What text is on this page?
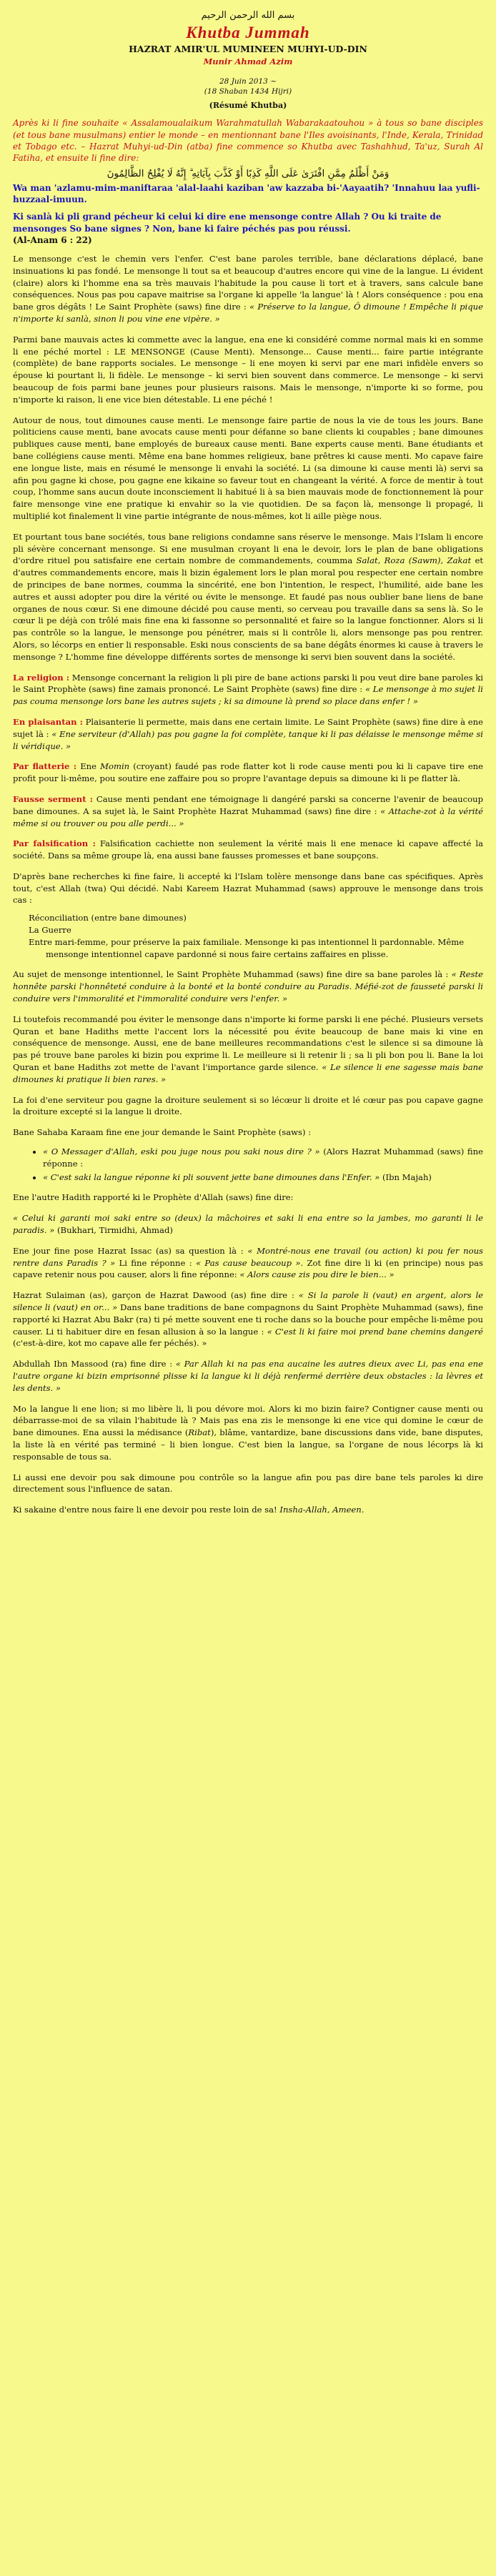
بسم الله الرحمن الرحيم
Khutba Jummah
HAZRAT AMIR'UL MUMINEEN MUHYI-UD-DIN
Munir Ahmad Azim
28 Juin 2013 ~
(18 Shaban 1434 Hijri)
(Résumé Khutba)

Après ki li fine souhaite « Assalamoualaikum Warahmatullah Wabarakaatouhou » à tous so bane disciples (et tous bane musulmans) entier le monde – en mentionnant bane l'Iles avoisinants, l'Inde, Kerala, Trinidad et Tobago etc. – Hazrat Muhyi-ud-Din (atba) fine commence so Khutba avec Tashahhud, Ta'uz, Surah Al Fatiha, et ensuite li fine dire:

وَمَنْ أَظْلَمُ مِمَّنِ افْتَرَىٰ عَلَى اللَّهِ كَذِبًا أَوْ كَذَّبَ بِآيَاتِهِ ۗ إِنَّهُ لَا يُفْلِحُ الظَّالِمُونَ

Wa man 'azlamu-mim-maniftaraa 'alal-laahi kaziban 'aw kazzaba bi-'Aayaatih? 'Innahuu laa yufli-huzzaal-imuun.

Ki sanlà ki pli grand pécheur ki celui ki dire ene mensonge contre Allah ? Ou ki traite de mensonges So bane signes ? Non, bane ki faire péchés pas pou réussi.
(Al-Anam 6 : 22)

Le mensonge c'est le chemin vers l'enfer. C'est bane paroles terrible, bane déclarations déplacé, bane insinuations ki pas fondé. Le mensonge li tout sa et beaucoup d'autres encore qui vine de la langue. Li évident (claire) alors ki l'homme ena sa très mauvais l'habitude la pou cause li tort et à travers, sans calcule bane conséquences. Nous pas pou capave maitrise sa l'organe ki appelle 'la langue' là ! Alors conséquence : pou ena bane gros dégâts ! Le Saint Prophète (saws) fine dire : « Préserve to la langue, Ô dimoune ! Empêche li pique n'importe ki sanlà, sinon li pou vine ene vipère. »

Parmi bane mauvais actes ki commette avec la langue, ena ene ki considéré comme normal mais ki en somme li ene péché mortel : LE MENSONGE (Cause Menti). Mensonge... Cause menti... faire partie intégrante (complète) de bane rapports sociales. Le mensonge – li ene moyen ki servi par ene mari infidèle envers so épouse ki pourtant li, li fidèle. Le mensonge – ki servi bien souvent dans commerce. Le mensonge – ki servi beaucoup de fois parmi bane jeunes pour plusieurs raisons. Mais le mensonge, n'importe ki so forme, pou n'importe ki raison, li ene vice bien détestable. Li ene péché !

Autour de nous, tout dimounes cause menti. Le mensonge faire partie de nous la vie de tous les jours. Bane politiciens cause menti, bane avocats cause menti pour défanne so bane clients ki coupables ; bane dimounes publiques cause menti, bane employés de bureaux cause menti. Bane experts cause menti. Bane étudiants et bane collégiens cause menti. Même ena bane hommes religieux, bane prêtres ki cause menti. Mo capave faire ene longue liste, mais en résumé le mensonge li envahi la société. Li (sa dimoune ki cause menti là) servi sa afin pou gagne ki chose, pou gagne ene kikaine so faveur tout en changeant la vérité. A force de mentir à tout coup, l'homme sans aucun doute inconsciement li habitué li à sa bien mauvais mode de fonctionnement là pour faire mensonge vine ene pratique ki envahir so la vie quotidien. De sa façon là, mensonge li propagé, li multiplié kot finalement li vine partie intégrante de nous-mêmes, kot li aille piège nous.

Et pourtant tous bane sociétés, tous bane religions condamne sans réserve le mensonge. Mais l'Islam li encore pli sévère concernant mensonge. Si ene musulman croyant li ena le devoir, lors le plan de bane obligations d'ordre rituel pou satisfaire ene certain nombre de commandements, coumma Salat, Roza (Sawm), Zakat et d'autres commandements encore, mais li bizin également lors le plan moral pou respecter ene certain nombre de principes de bane normes, coumma la sincérité, ene bon l'intention, le respect, l'humilité, aide bane les autres et aussi adopter pou dire la vérité ou évite le mensonge. Et faudé pas nous oublier bane liens de bane organes de nous cœur. Si ene dimoune décidé pou cause menti, so cerveau pou travaille dans sa sens là. So le cœur li pe déjà con trôlé mais fine ena ki fassonne so personnalité et faire so la langue fonctionner. Alors si li pas contrôle so la langue, le mensonge pou pénétrer, mais si li contrôle li, alors mensonge pas pou rentrer. Alors, so lécorps en entier li responsable. Eski nous conscients de sa bane dégâts énormes ki cause à travers le mensonge ? L'homme fine développe différents sortes de mensonge ki servi bien souvent dans la société.

La religion : Mensonge concernant la religion li pli pire de bane actions parski li pou veut dire bane paroles ki le Saint Prophète (saws) fine zamais prononcé. Le Saint Prophète (saws) fine dire : « Le mensonge à mo sujet li pas couma mensonge lors bane les autres sujets ; ki sa dimoune là prend so place dans enfer ! »

En plaisantan : Plaisanterie li permette, mais dans ene certain limite. Le Saint Prophète (saws) fine dire à ene sujet là : « Ene serviteur (d'Allah) pas pou gagne la foi complète, tanque ki li pas délaisse le mensonge même si li véridique. »

Par flatterie : Ene Momin (croyant) faudé pas rode flatter kot li rode cause menti pou ki li capave tire ene profit pour li-même, pou soutire ene zaffaire pou so propre l'avantage depuis sa dimoune ki li pe flatter là.

Fausse serment : Cause menti pendant ene témoignage li dangéré parski sa concerne l'avenir de beaucoup bane dimounes. A sa sujet là, le Saint Prophète Hazrat Muhammad (saws) fine dire : « Attache-zot à la vérité même si ou trouver ou pou alle perdi... »

Par falsification : Falsification cachiette non seulement la vérité mais li ene menace ki capave affecté la société. Dans sa même groupe là, ena aussi bane fausses promesses et bane soupçons.

D'après bane recherches ki fine faire, li accepté ki l'Islam tolère mensonge dans bane cas spécifiques. Après tout, c'est Allah (twa) Qui décidé. Nabi Kareem Hazrat Muhammad (saws) approuve le mensonge dans trois cas :

Réconciliation (entre bane dimounes)
La Guerre
Entre mari-femme, pour préserve la paix familiale. Mensonge ki pas intentionnel li pardonnable. Même mensonge intentionnel capave pardonné si nous faire certains zaffaires en plisse.

Au sujet de mensonge intentionnel, le Saint Prophète Muhammad (saws) fine dire sa bane paroles là : « Reste honnête parski l'honnêteté conduire à la bonté et la bonté conduire au Paradis. Méfié-zot de fausseté parski li conduire vers l'immoralité et l'immoralité conduire vers l'enfer. »

Li toutefois recommandé pou éviter le mensonge dans n'importe ki forme parski li ene péché. Plusieurs versets Quran et bane Hadiths mette l'accent lors la nécessité pou évite beaucoup de bane mais ki vine en conséquence de mensonge. Aussi, ene de bane meilleures recommandations c'est le silence si sa dimoune là pas pé trouve bane paroles ki bizin pou exprime li. Le meilleure si li retenir li ; sa li pli bon pou li. Bane la loi Quran et bane Hadiths zot mette de l'avant l'importance garde silence. « Le silence li ene sagesse mais bane dimounes ki pratique li bien rares. »

La foi d'ene serviteur pou gagne la droiture seulement si so lécœur li droite et lé cœur pas pou capave gagne la droiture excepté si la langue li droite.

Bane Sahaba Karaam fine ene jour demande le Saint Prophète (saws) :

• « O Messager d'Allah, eski pou juge nous pou saki nous dire ? » (Alors Hazrat Muhammad (saws) fine réponne :
• « C'est saki la langue réponne ki pli souvent jette bane dimounes dans l'Enfer. » (Ibn Majah)

Ene l'autre Hadith rapporté ki le Prophète d'Allah (saws) fine dire:

« Celui ki garanti moi saki entre so (deux) la mâchoires et saki li ena entre so la jambes, mo garanti li le paradis. » (Bukhari, Tirmidhi, Ahmad)

Ene jour fine pose Hazrat Issac (as) sa question là : « Montré-nous ene travail (ou action) ki pou fer nous rentre dans Paradis ? » Li fine réponne : « Pas cause beaucoup ». Zot fine dire li ki (en principe) nous pas capave retenir nous pou causer, alors li fine réponne: « Alors cause zis pou dire le bien... »

Hazrat Sulaiman (as), garçon de Hazrat Dawood (as) fine dire : « Si la parole li (vaut) en argent, alors le silence li (vaut) en or... » Dans bane traditions de bane compagnons du Saint Prophète Muhammad (saws), fine rapporté ki Hazrat Abu Bakr (ra) ti pé mette souvent ene ti roche dans so la bouche pour empêche li-même pou causer. Li ti habituer dire en fesan allusion à so la langue : « C'est li ki faire moi prend bane chemins dangeré (c'est-à-dire, kot mo capave alle fer péchés). »

Abdullah Ibn Massood (ra) fine dire : « Par Allah ki na pas ena aucaine les autres dieux avec Li, pas ena ene l'autre organe ki bizin emprisonné plisse ki la langue ki li déjà renfermé derrière deux obstacles : la lèvres et les dents. »

Mo la langue li ene lion; si mo libère li, li pou dévore moi. Alors ki mo bizin faire? Contigner cause menti ou débarrasse-moi de sa vilain l'habitude là ? Mais pas ena zis le mensonge ki ene vice qui domine le cœur de bane dimounes. Ena aussi la médisance (Ribat), blâme, vantardize, bane discussions dans vide, bane disputes, la liste là en vérité pas terminé – li bien longue. C'est bien la langue, sa l'organe de nous lécorps là ki responsable de tous sa.

Li aussi ene devoir pou sak dimoune pou contrôle so la langue afin pou pas dire bane tels paroles ki dire directement sous l'influence de satan.

Ki sakaine d'entre nous faire li ene devoir pou reste loin de sa! Insha-Allah, Ameen.
